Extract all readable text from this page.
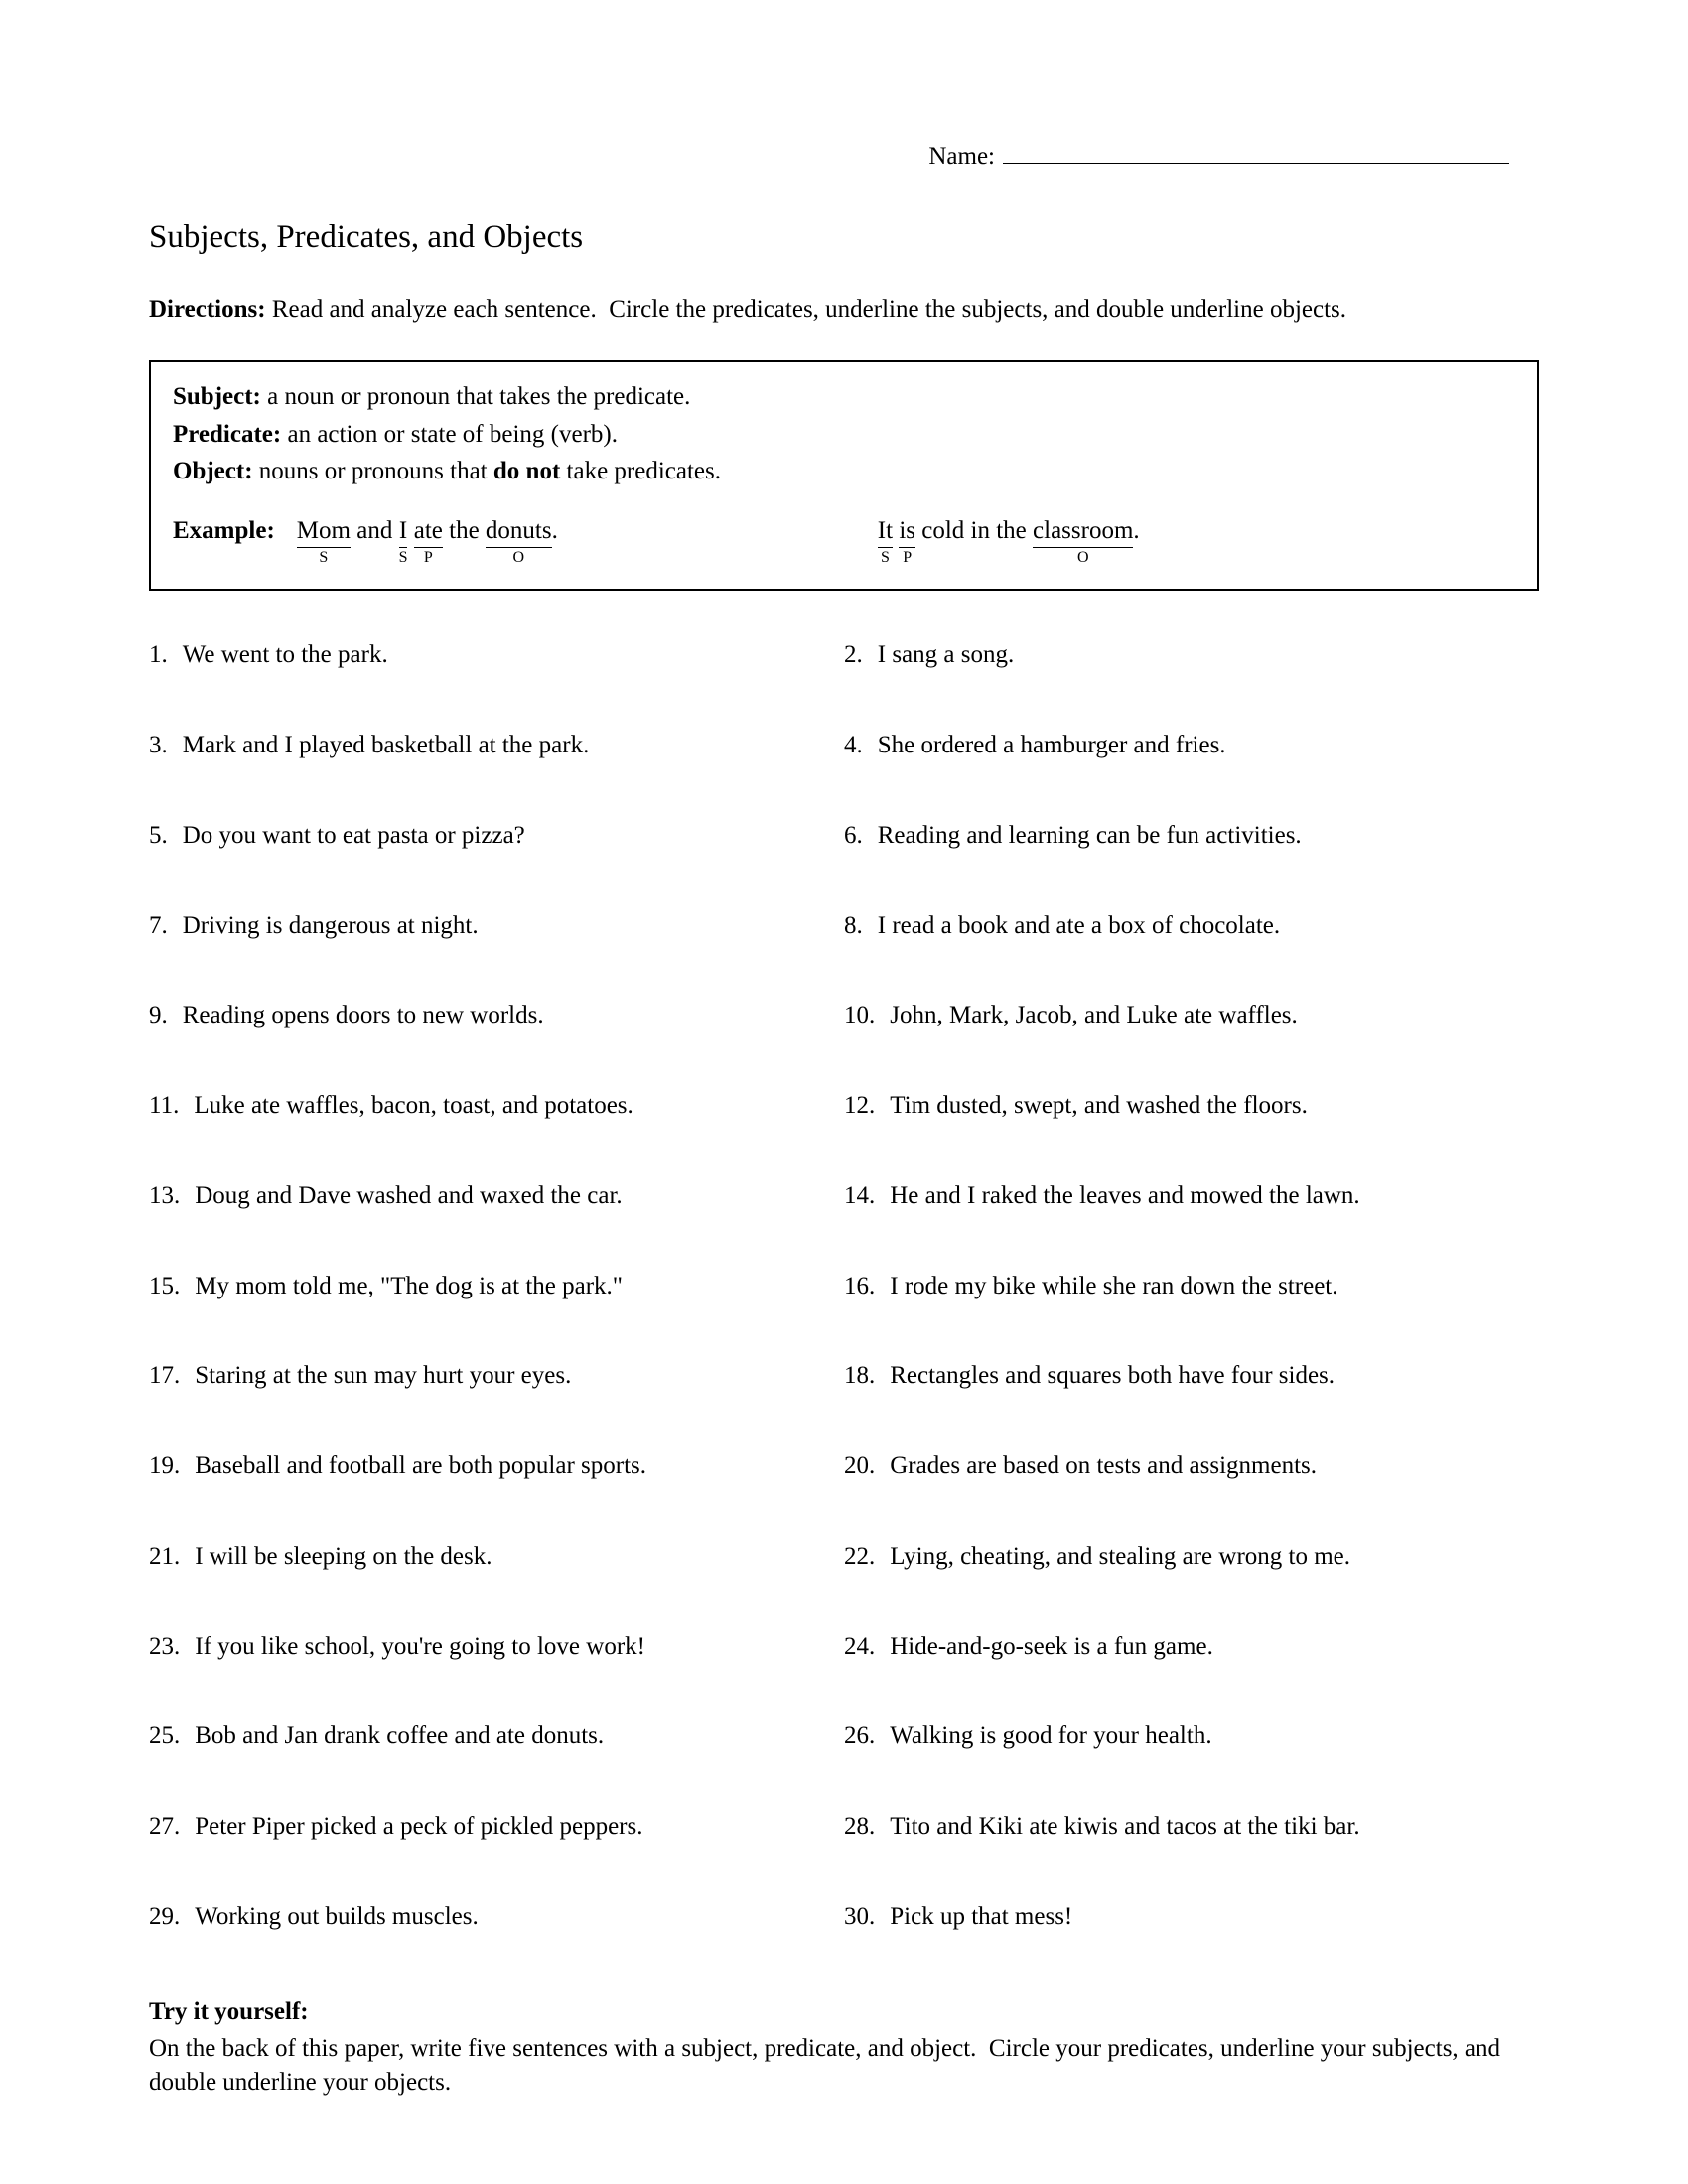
Name:
Subjects, Predicates, and Objects

Directions: Read and analyze each sentence.  Circle the predicates, underline the subjects, and double underline objects.

Subject: a noun or pronoun that takes the predicate.
Predicate: an action or state of being (verb).
Object: nouns or pronouns that do not take predicates.
Example: Mom
S
and I
S

ate
P
the donuts
O
.	It
S

is
P
cold in the classroom
O
.
1. We went to the park.	2. I sang a song.
3. Mark and I played basketball at the park.	4. She ordered a hamburger and fries.
5. Do you want to eat pasta or pizza?	6. Reading and learning can be fun activities.
7. Driving is dangerous at night.	8. I read a book and ate a box of chocolate.
9. Reading opens doors to new worlds.	10. John, Mark, Jacob, and Luke ate waffles.
11. Luke ate waffles, bacon, toast, and potatoes.	12. Tim dusted, swept, and washed the floors.
13. Doug and Dave washed and waxed the car.	14. He and I raked the leaves and mowed the lawn.
15. My mom told me, "The dog is at the park."	16. I rode my bike while she ran down the street.
17. Staring at the sun may hurt your eyes.	18. Rectangles and squares both have four sides.
19. Baseball and football are both popular sports.	20. Grades are based on tests and assignments.
21. I will be sleeping on the desk.	22. Lying, cheating, and stealing are wrong to me.
23. If you like school, you're going to love work!	24. Hide-and-go-seek is a fun game.
25. Bob and Jan drank coffee and ate donuts.	26. Walking is good for your health.
27. Peter Piper picked a peck of pickled peppers.	28. Tito and Kiki ate kiwis and tacos at the tiki bar.
29. Working out builds muscles.	30. Pick up that mess!
Try it yourself:
On the back of this paper, write five sentences with a subject, predicate, and object.  Circle your predicates, underline your subjects, and double underline your objects.
